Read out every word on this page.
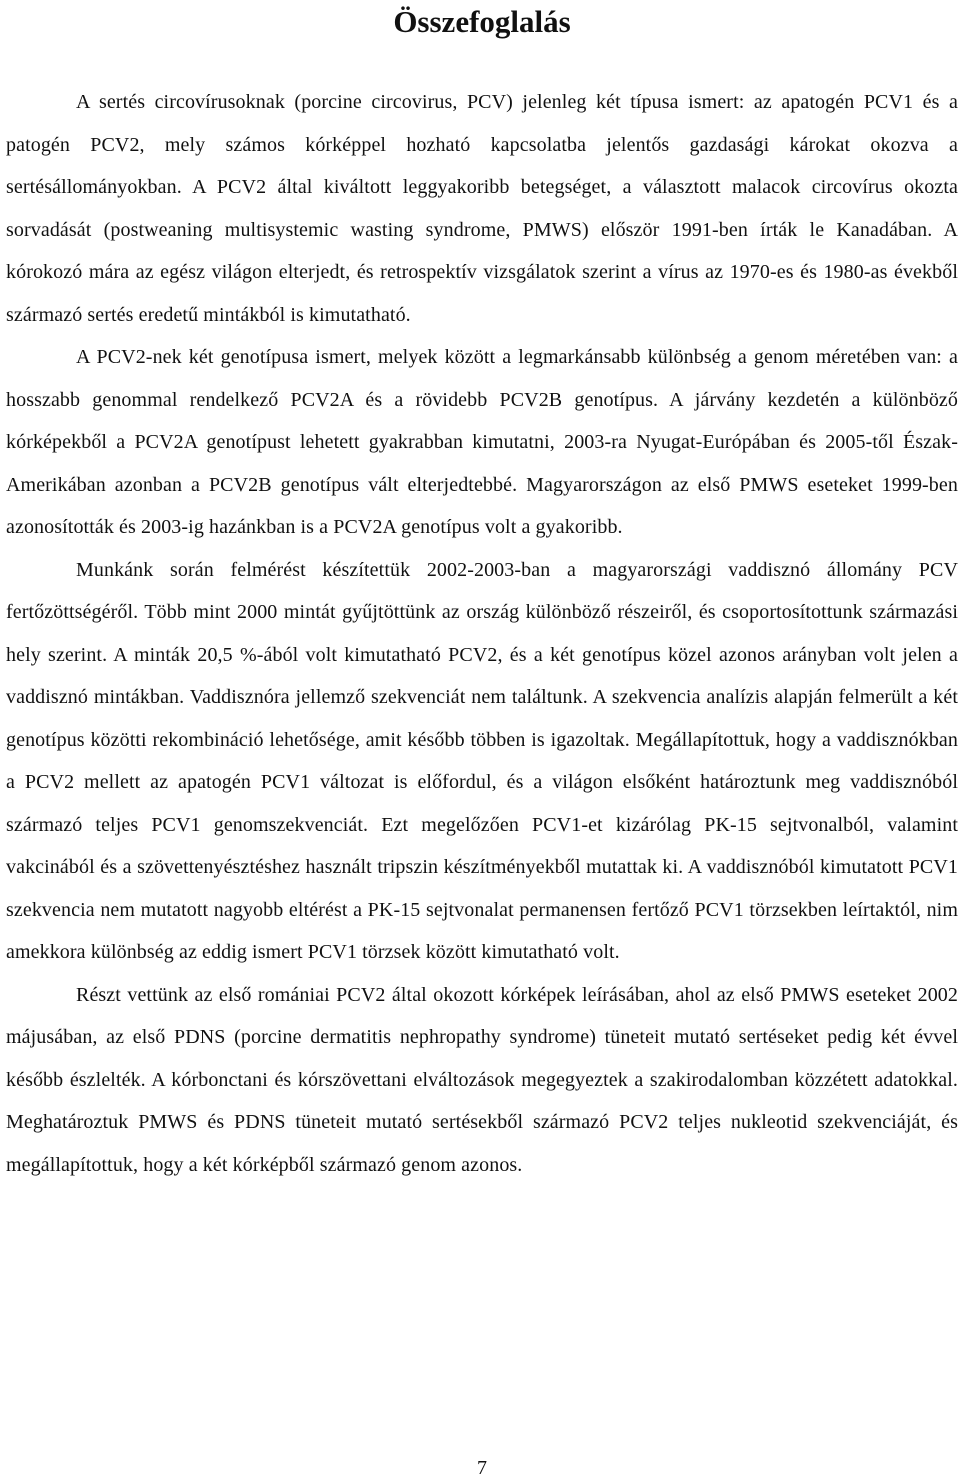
Összefoglalás

A sertés circovírusoknak (porcine circovirus, PCV) jelenleg két típusa ismert: az apatogén PCV1 és a patogén PCV2, mely számos kórképpel hozható kapcsolatba jelentős gazdasági károkat okozva a sertésállományokban. A PCV2 által kiváltott leggyakoribb betegséget, a választott malacok circovírus okozta sorvadását (postweaning multisystemic wasting syndrome, PMWS) először 1991-ben írták le Kanadában. A kórokozó mára az egész világon elterjedt, és retrospektív vizsgálatok szerint a vírus az 1970-es és 1980-as évekből származó sertés eredetű mintákból is kimutatható.

A PCV2-nek két genotípusa ismert, melyek között a legmarkánsabb különbség a genom méretében van: a hosszabb genommal rendelkező PCV2A és a rövidebb PCV2B genotípus. A járvány kezdetén a különböző kórképekből a PCV2A genotípust lehetett gyakrabban kimutatni, 2003-ra Nyugat-Európában és 2005-től Észak-Amerikában azonban a PCV2B genotípus vált elterjedtebbé. Magyarországon az első PMWS eseteket 1999-ben azonosították és 2003-ig hazánkban is a PCV2A genotípus volt a gyakoribb.

Munkánk során felmérést készítettük 2002-2003-ban a magyarországi vaddisznó állomány PCV fertőzöttségéről. Több mint 2000 mintát gyűjtöttünk az ország különböző részeiről, és csoportosítottunk származási hely szerint. A minták 20,5 %-ából volt kimutatható PCV2, és a két genotípus közel azonos arányban volt jelen a vaddisznó mintákban. Vaddisznóra jellemző szekvenciát nem találtunk. A szekvencia analízis alapján felmerült a két genotípus közötti rekombináció lehetősége, amit később többen is igazoltak. Megállapítottuk, hogy a vaddisznókban a PCV2 mellett az apatogén PCV1 változat is előfordul, és a világon elsőként határoztunk meg vaddisznóból származó teljes PCV1 genomszekvenciát. Ezt megelőzően PCV1-et kizárólag PK-15 sejtvonalból, valamint vakcinából és a szövettenyésztéshez használt tripszin készítményekből mutattak ki. A vaddisznóból kimutatott PCV1 szekvencia nem mutatott nagyobb eltérést a PK-15 sejtvonalat permanensen fertőző PCV1 törzsekben leírtaktól, nim amekkora különbség az eddig ismert PCV1 törzsek között kimutatható volt.

Részt vettünk az első romániai PCV2 által okozott kórképek leírásában, ahol az első PMWS eseteket 2002 májusában, az első PDNS (porcine dermatitis nephropathy syndrome) tüneteit mutató sertéseket pedig két évvel később észlelték. A kórbonctani és kórszövettani elváltozások megegyeztek a szakirodalomban közzétett adatokkal. Meghatároztuk PMWS és PDNS tüneteit mutató sertésekből származó PCV2 teljes nukleotid szekvenciáját, és megállapítottuk, hogy a két kórképből származó genom azonos.

7
